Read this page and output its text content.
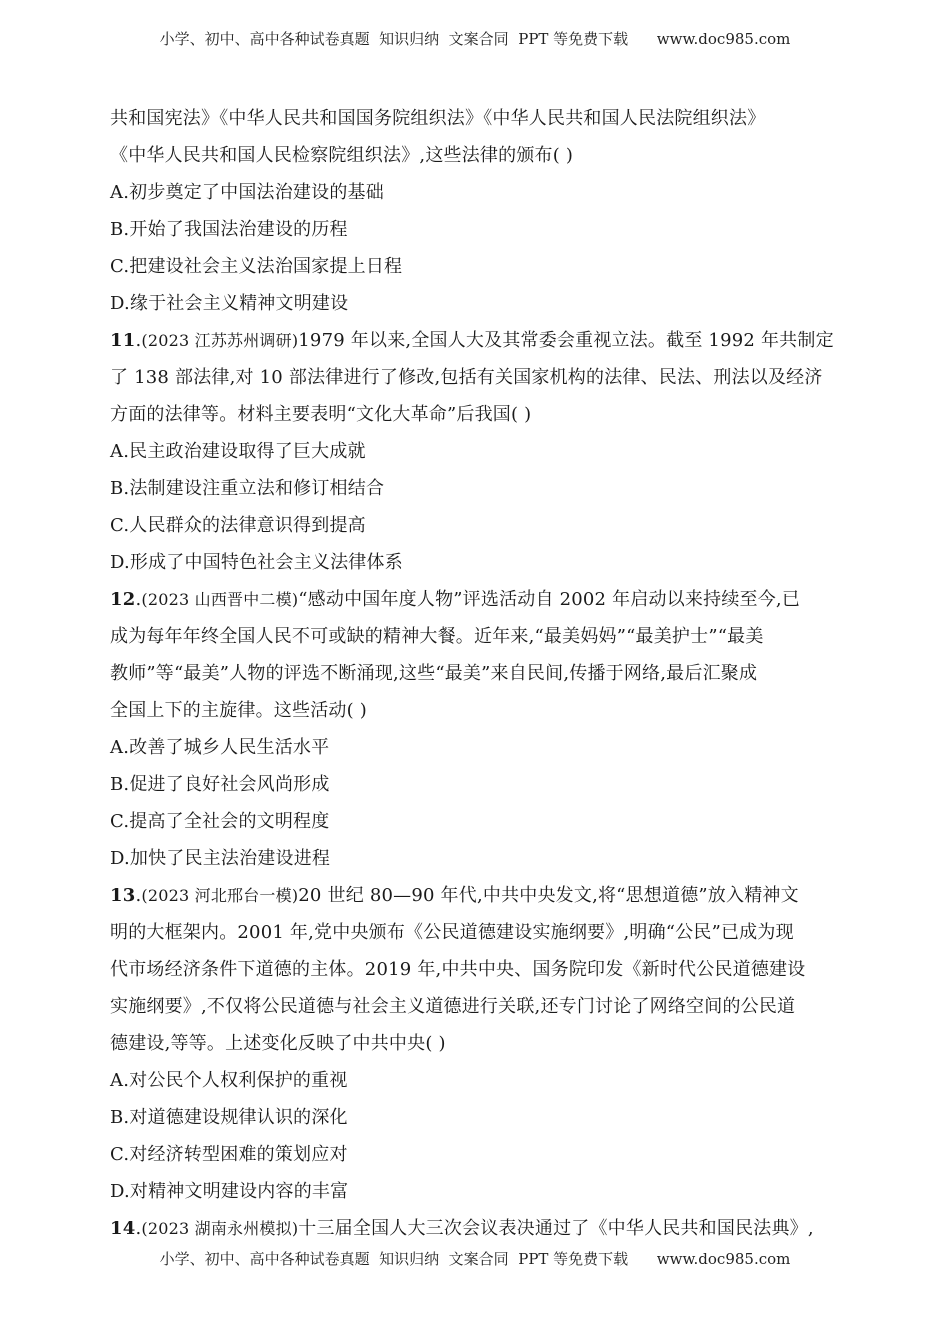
小学、初中、高中各种试卷真题  知识归纳  文案合同  PPT 等免费下载      www.doc985.com
共和国宪法》《中华人民共和国国务院组织法》《中华人民共和国人民法院组织法》
《中华人民共和国人民检察院组织法》,这些法律的颁布( )
A.初步奠定了中国法治建设的基础
B.开始了我国法治建设的历程
C.把建设社会主义法治国家提上日程
D.缘于社会主义精神文明建设
11.(2023 江苏苏州调研)1979 年以来,全国人大及其常委会重视立法。截至 1992 年共制定
了 138 部法律,对 10 部法律进行了修改,包括有关国家机构的法律、民法、刑法以及经济
方面的法律等。材料主要表明“文化大革命”后我国( )
A.民主政治建设取得了巨大成就
B.法制建设注重立法和修订相结合
C.人民群众的法律意识得到提高
D.形成了中国特色社会主义法律体系
12.(2023 山西晋中二模)“感动中国年度人物”评选活动自 2002 年启动以来持续至今,已
成为每年年终全国人民不可或缺的精神大餐。近年来,“最美妈妈”“最美护士”“最美
教师”等“最美”人物的评选不断涌现,这些“最美”来自民间,传播于网络,最后汇聚成
全国上下的主旋律。这些活动( )
A.改善了城乡人民生活水平
B.促进了良好社会风尚形成
C.提高了全社会的文明程度
D.加快了民主法治建设进程
13.(2023 河北邢台一模)20 世纪 80—90 年代,中共中央发文,将“思想道德”放入精神文
明的大框架内。2001 年,党中央颁布《公民道德建设实施纲要》,明确“公民”已成为现
代市场经济条件下道德的主体。2019 年,中共中央、国务院印发《新时代公民道德建设
实施纲要》,不仅将公民道德与社会主义道德进行关联,还专门讨论了网络空间的公民道
德建设,等等。上述变化反映了中共中央( )
A.对公民个人权利保护的重视
B.对道德建设规律认识的深化
C.对经济转型困难的策划应对
D.对精神文明建设内容的丰富
14.(2023 湖南永州模拟)十三届全国人大三次会议表决通过了《中华人民共和国民法典》,
小学、初中、高中各种试卷真题  知识归纳  文案合同  PPT 等免费下载      www.doc985.com
